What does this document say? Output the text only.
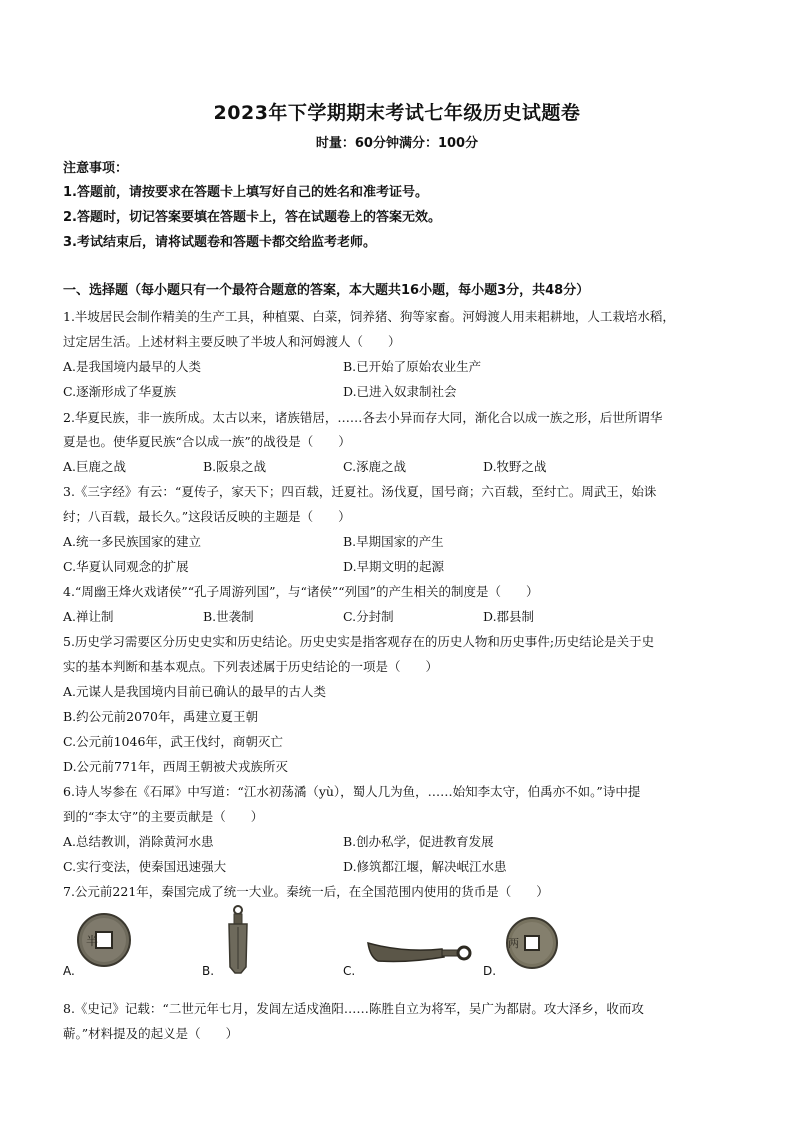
2023年下学期期末考试七年级历史试题卷
时量：60分钟满分：100分
注意事项：
1.答题前，请按要求在答题卡上填写好自己的姓名和准考证号。
2.答题时，切记答案要填在答题卡上，答在试题卷上的答案无效。
3.考试结束后，请将试题卷和答题卡都交给监考老师。
一、选择题（每小题只有一个最符合题意的答案，本大题共16小题，每小题3分，共48分）
1.半坡居民会制作精美的生产工具，种植粟、白菜，饲养猪、狗等家畜。河姆渡人用耒耜耕地，人工栽培水稻，
过定居生活。上述材料主要反映了半坡人和河姆渡人（　　）
A.是我国境内最早的人类	B.已开始了原始农业生产
C.逐渐形成了华夏族	D.已进入奴隶制社会
2.华夏民族，非一族所成。太古以来，诸族错居，……各去小异而存大同，渐化合以成一族之形，后世所谓华
夏是也。使华夏民族“合以成一族”的战役是（　　）
A.巨鹿之战	B.阪泉之战	C.涿鹿之战	D.牧野之战
3.《三字经》有云：“夏传子，家天下；四百载，迁夏社。汤伐夏，国号商；六百载，至纣亡。周武王，始诛
纣；八百载，最长久。”这段话反映的主题是（　　）
A.统一多民族国家的建立	B.早期国家的产生
C.华夏认同观念的扩展	D.早期文明的起源
4.“周幽王烽火戏诸侯”“孔子周游列国”，与“诸侯”“列国”的产生相关的制度是（　　）
A.禅让制	B.世袭制	C.分封制	D.郡县制
5.历史学习需要区分历史史实和历史结论。历史史实是指客观存在的历史人物和历史事件;历史结论是关于史
实的基本判断和基本观点。下列表述属于历史结论的一项是（　　）
A.元谋人是我国境内目前已确认的最早的古人类
B.约公元前2070年，禹建立夏王朝
C.公元前1046年，武王伐纣，商朝灭亡
D.公元前771年，西周王朝被犬戎族所灭
6.诗人岑参在《石犀》中写道：“江水初荡潏（yù），蜀人几为鱼，……始知李太守，伯禹亦不如。”诗中提
到的“李太守”的主要贡献是（　　）
A.总结教训，消除黄河水患	B.创办私学，促进教育发展
C.实行变法，使秦国迅速强大	D.修筑都江堰，解决岷江水患
7.公元前221年，秦国完成了统一大业。秦统一后，在全国范围内使用的货币是（　　）
半
A.	B.	C.
两
D.
8.《史记》记载：“二世元年七月，发闾左适戍渔阳……陈胜自立为将军，吴广为都尉。攻大泽乡，收而攻
蕲。”材料提及的起义是（　　）
